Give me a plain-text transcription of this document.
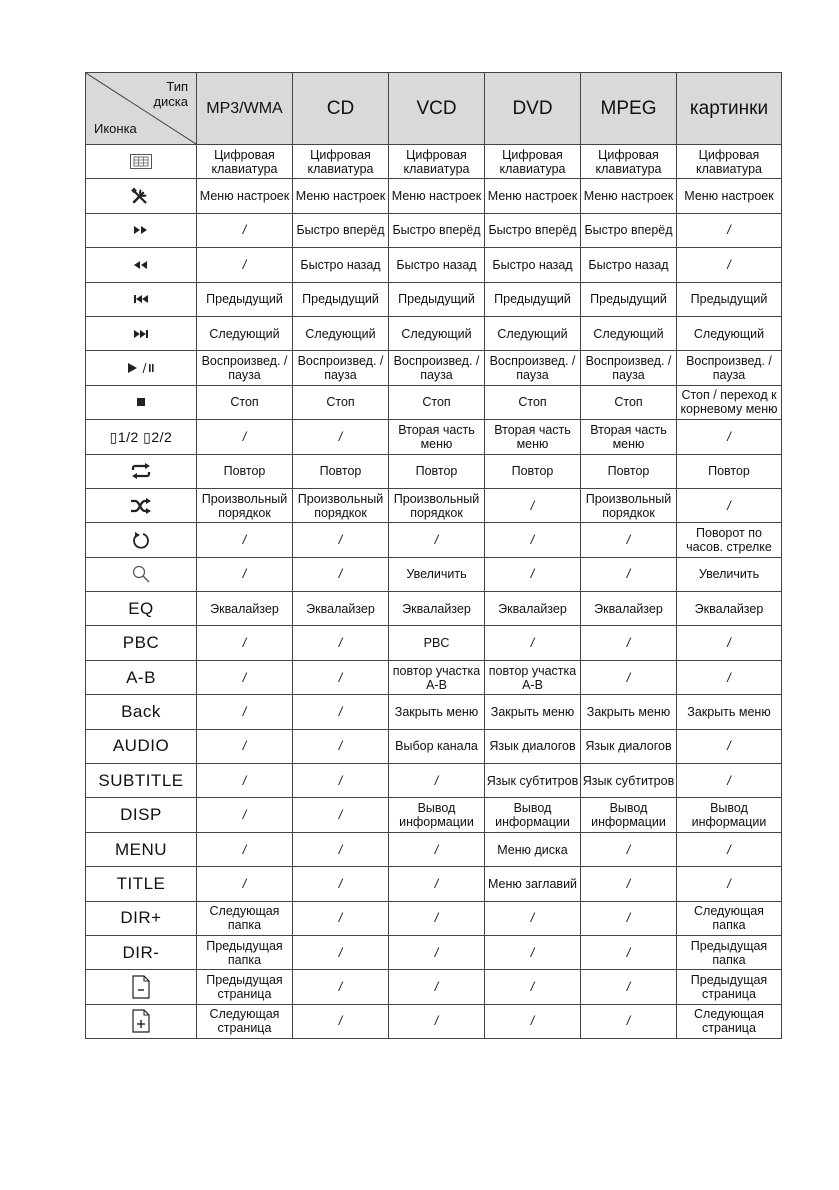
Тип
диска
Иконка	MP3/WMA	CD	VCD	DVD	MPEG	картинки

	Цифровая клавиатура	Цифровая клавиатура	Цифровая клавиатура	Цифровая клавиатура	Цифровая клавиатура	Цифровая клавиатура

	Меню настроек	Меню настроек	Меню настроек	Меню настроек	Меню настроек	Меню настроек

	/	Быстро вперёд	Быстро вперёд	Быстро вперёд	Быстро вперёд	/

	/	Быстро назад	Быстро назад	Быстро назад	Быстро назад	/

	Предыдущий	Предыдущий	Предыдущий	Предыдущий	Предыдущий	Предыдущий

	Следующий	Следующий	Следующий	Следующий	Следующий	Следующий

	Воспроизвед. / пауза	Воспроизвед. / пауза	Воспроизвед. / пауза	Воспроизвед. / пауза	Воспроизвед. / пауза	Воспроизвед. / пауза

	Стоп	Стоп	Стоп	Стоп	Стоп	Стоп / переход к корневому меню
▯1/2 ▯2/2	/	/	Вторая часть меню	Вторая часть меню	Вторая часть меню	/

	Повтор	Повтор	Повтор	Повтор	Повтор	Повтор

	Произвольный порядкок	Произвольный порядкок	Произвольный порядкок	/	Произвольный порядкок	/

	/	/	/	/	/	Поворот по часов. стрелке

	/	/	Увеличить	/	/	Увеличить
EQ	Эквалайзер	Эквалайзер	Эквалайзер	Эквалайзер	Эквалайзер	Эквалайзер
PBC	/	/	PBC	/	/	/
A-B	/	/	повтор участка A-B	повтор участка A-B	/	/
Back	/	/	Закрыть меню	Закрыть меню	Закрыть меню	Закрыть меню
AUDIO	/	/	Выбор канала	Язык диалогов	Язык диалогов	/
SUBTITLE	/	/	/	Язык субтитров	Язык субтитров	/
DISP	/	/	Вывод информации	Вывод информации	Вывод информации	Вывод информации
MENU	/	/	/	Меню диска	/	/
TITLE	/	/	/	Меню заглавий	/	/
DIR+	Следующая папка	/	/	/	/	Следующая папка
DIR-	Предыдущая папка	/	/	/	/	Предыдущая папка

	Предыдущая страница	/	/	/	/	Предыдущая страница

	Следующая страница	/	/	/	/	Следующая страница
